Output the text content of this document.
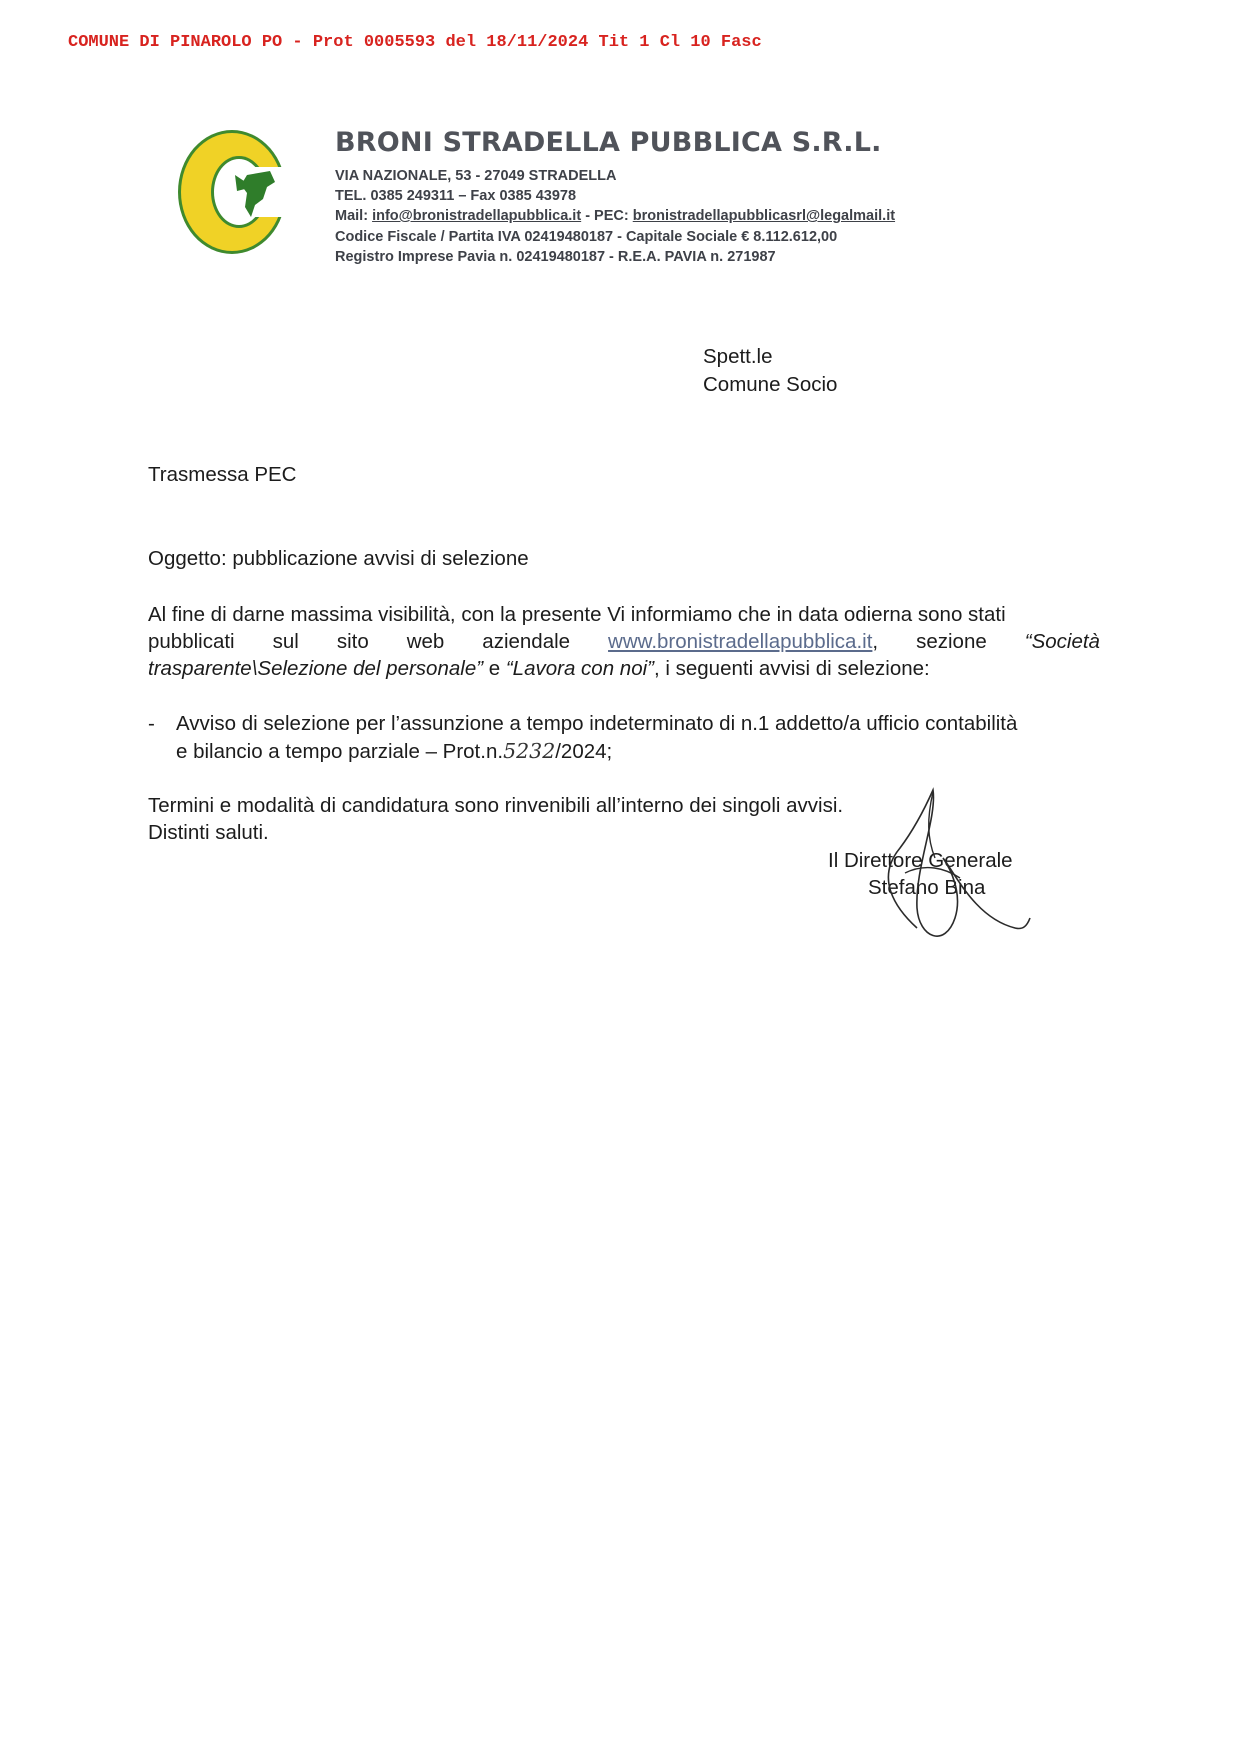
COMUNE DI PINAROLO PO - Prot 0005593 del 18/11/2024 Tit 1 Cl 10 Fasc
BRONI STRADELLA PUBBLICA S.R.L.
VIA NAZIONALE, 53 - 27049 STRADELLA
TEL. 0385 249311 – Fax 0385 43978
Mail: info@bronistradellapubblica.it - PEC: bronistradellapubblicasrl@legalmail.it
Codice Fiscale / Partita IVA 02419480187 - Capitale Sociale € 8.112.612,00
Registro Imprese Pavia n. 02419480187 - R.E.A. PAVIA n. 271987
Spett.le
Comune Socio
Trasmessa PEC
Oggetto: pubblicazione avvisi di selezione
Al fine di darne massima visibilità, con la presente Vi informiamo che in data odierna sono stati
pubblicati sul sito web aziendale www.bronistradellapubblica.it, sezione “Società
trasparente\Selezione del personale” e “Lavora con noi”, i seguenti avvisi di selezione:
- Avviso di selezione per l’assunzione a tempo indeterminato di n.1 addetto/a ufficio contabilità
e bilancio a tempo parziale – Prot.n.5232/2024;
Termini e modalità di candidatura sono rinvenibili all’interno dei singoli avvisi.
Distinti saluti.
Il Direttore Generale
Stefano Bina
